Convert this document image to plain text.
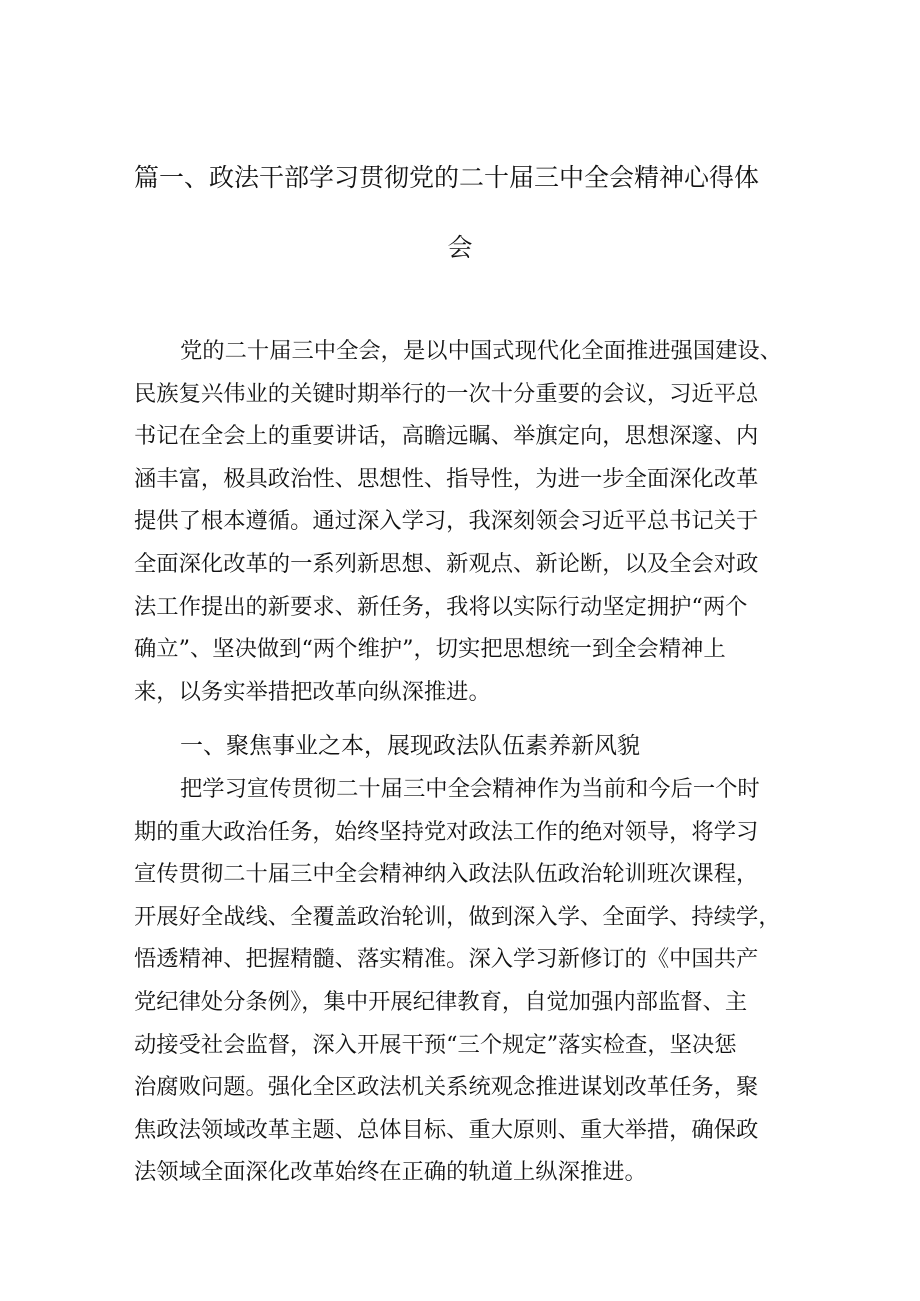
篇一、政法干部学习贯彻党的二十届三中全会精神心得体
会
党的二十届三中全会，是以中国式现代化全面推进强国建设、
民族复兴伟业的关键时期举行的一次十分重要的会议，习近平总
书记在全会上的重要讲话，高瞻远瞩、举旗定向，思想深邃、内
涵丰富，极具政治性、思想性、指导性，为进一步全面深化改革
提供了根本遵循。通过深入学习，我深刻领会习近平总书记关于
全面深化改革的一系列新思想、新观点、新论断，以及全会对政
法工作提出的新要求、新任务，我将以实际行动坚定拥护“两个
确立”、坚决做到“两个维护”，切实把思想统一到全会精神上
来，以务实举措把改革向纵深推进。
一、聚焦事业之本，展现政法队伍素养新风貌
把学习宣传贯彻二十届三中全会精神作为当前和今后一个时
期的重大政治任务，始终坚持党对政法工作的绝对领导，将学习
宣传贯彻二十届三中全会精神纳入政法队伍政治轮训班次课程，
开展好全战线、全覆盖政治轮训，做到深入学、全面学、持续学，
悟透精神、把握精髓、落实精准。深入学习新修订的《中国共产
党纪律处分条例》，集中开展纪律教育，自觉加强内部监督、主
动接受社会监督，深入开展干预“三个规定”落实检查，坚决惩
治腐败问题。强化全区政法机关系统观念推进谋划改革任务，聚
焦政法领域改革主题、总体目标、重大原则、重大举措，确保政
法领域全面深化改革始终在正确的轨道上纵深推进。
